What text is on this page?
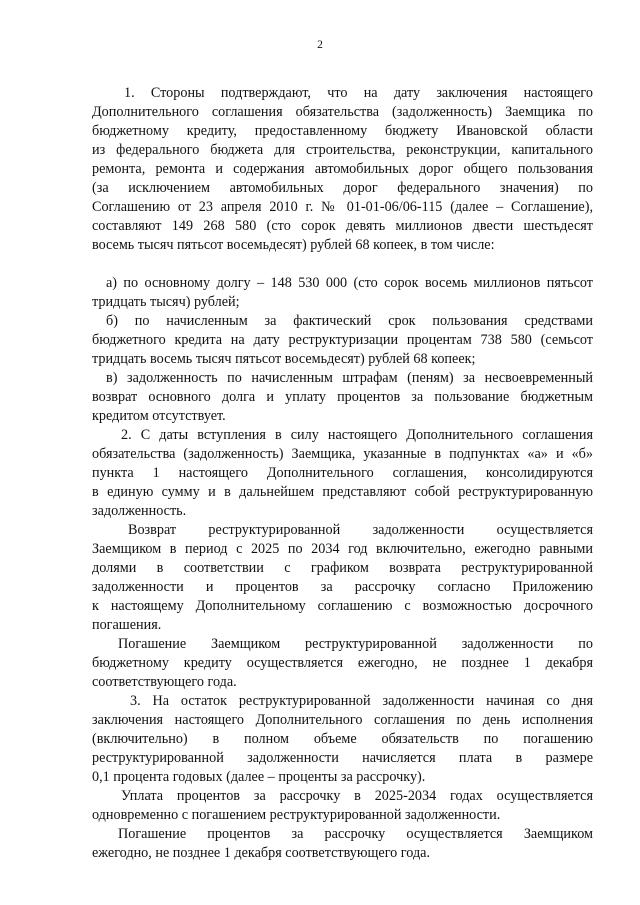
2
1. Стороны подтверждают, что на дату заключения настоящего
Дополнительного соглашения обязательства (задолженность) Заемщика по
бюджетному кредиту, предоставленному бюджету Ивановской области
из федерального бюджета для строительства, реконструкции, капитального
ремонта, ремонта и содержания автомобильных дорог общего пользования
(за исключением автомобильных дорог федерального значения) по
Соглашению от 23 апреля 2010 г. № 01-01-06/06-115 (далее – Соглашение),
составляют 149 268 580 (сто сорок девять миллионов двести шестьдесят
восемь тысяч пятьсот восемьдесят) рублей 68 копеек, в том числе:
а) по основному долгу – 148 530 000 (сто сорок восемь миллионов пятьсот
тридцать тысяч) рублей;
б) по начисленным за фактический срок пользования средствами
бюджетного кредита на дату реструктуризации процентам 738 580 (семьсот
тридцать восемь тысяч пятьсот восемьдесят) рублей 68 копеек;
в) задолженность по начисленным штрафам (пеням) за несвоевременный
возврат основного долга и уплату процентов за пользование бюджетным
кредитом отсутствует.
2. С даты вступления в силу настоящего Дополнительного соглашения
обязательства (задолженность) Заемщика, указанные в подпунктах «а» и «б»
пункта 1 настоящего Дополнительного соглашения, консолидируются
в единую сумму и в дальнейшем представляют собой реструктурированную
задолженность.
Возврат реструктурированной задолженности осуществляется
Заемщиком в период с 2025 по 2034 год включительно, ежегодно равными
долями в соответствии с графиком возврата реструктурированной
задолженности и процентов за рассрочку согласно Приложению
к настоящему Дополнительному соглашению с возможностью досрочного
погашения.
Погашение Заемщиком реструктурированной задолженности по
бюджетному кредиту осуществляется ежегодно, не позднее 1 декабря
соответствующего года.
3. На остаток реструктурированной задолженности начиная со дня
заключения настоящего Дополнительного соглашения по день исполнения
(включительно) в полном объеме обязательств по погашению
реструктурированной задолженности начисляется плата в размере
0,1 процента годовых (далее – проценты за рассрочку).
Уплата процентов за рассрочку в 2025-2034 годах осуществляется
одновременно с погашением реструктурированной задолженности.
Погашение процентов за рассрочку осуществляется Заемщиком
ежегодно, не позднее 1 декабря соответствующего года.
